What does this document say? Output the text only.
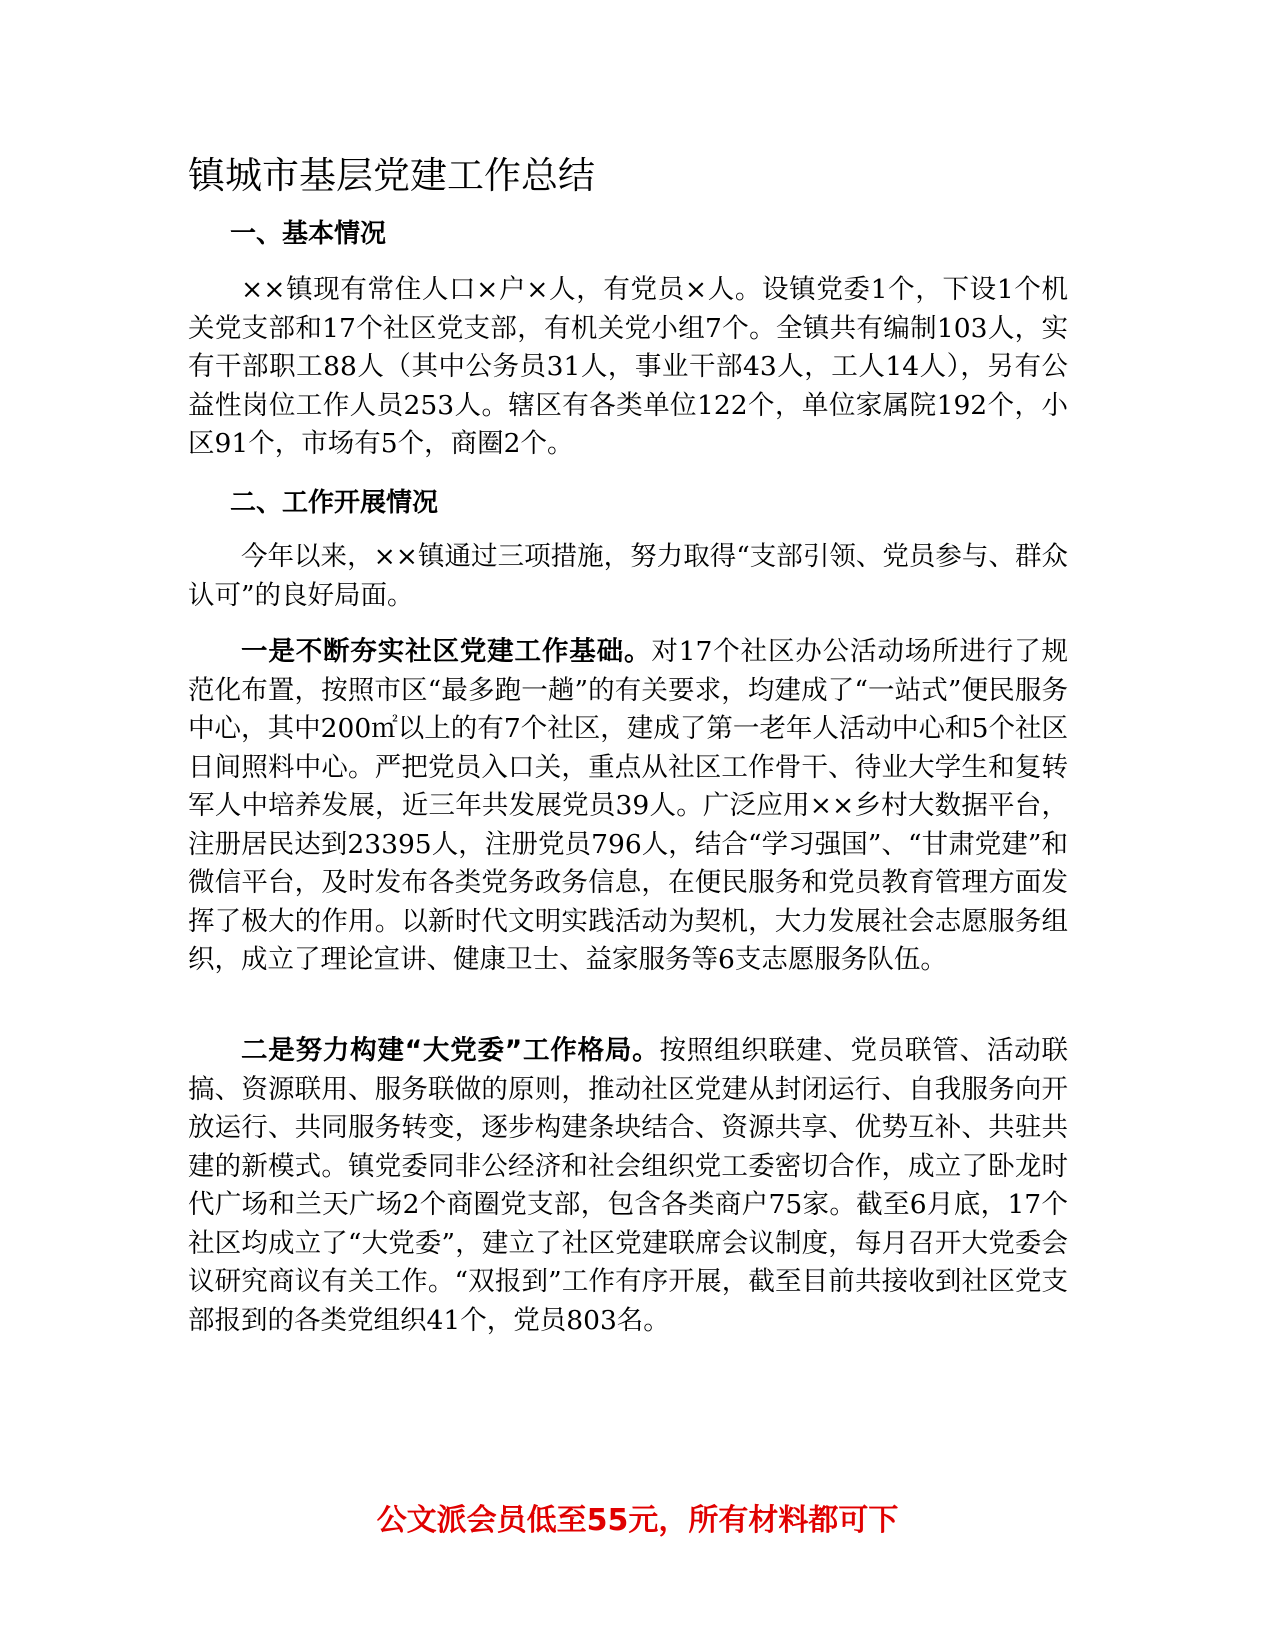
镇城市基层党建工作总结
一、基本情况

××镇现有常住人口×户×人，有党员×人。设镇党委1个，下设1个机关党支部和17个社区党支部，有机关党小组7个。全镇共有编制103人，实有干部职工88人（其中公务员31人，事业干部43人，工人14人），另有公益性岗位工作人员253人。辖区有各类单位122个，单位家属院192个，小区91个，市场有5个，商圈2个。

二、工作开展情况

今年以来，××镇通过三项措施，努力取得“支部引领、党员参与、群众认可”的良好局面。

一是不断夯实社区党建工作基础。对17个社区办公活动场所进行了规范化布置，按照市区“最多跑一趟”的有关要求，均建成了“一站式”便民服务中心，其中200㎡以上的有7个社区，建成了第一老年人活动中心和5个社区日间照料中心。严把党员入口关，重点从社区工作骨干、待业大学生和复转军人中培养发展，近三年共发展党员39人。广泛应用××乡村大数据平台，注册居民达到23395人，注册党员796人，结合“学习强国”、“甘肃党建”和微信平台，及时发布各类党务政务信息，在便民服务和党员教育管理方面发挥了极大的作用。以新时代文明实践活动为契机，大力发展社会志愿服务组织，成立了理论宣讲、健康卫士、益家服务等6支志愿服务队伍。

二是努力构建“大党委”工作格局。按照组织联建、党员联管、活动联搞、资源联用、服务联做的原则，推动社区党建从封闭运行、自我服务向开放运行、共同服务转变，逐步构建条块结合、资源共享、优势互补、共驻共建的新模式。镇党委同非公经济和社会组织党工委密切合作，成立了卧龙时代广场和兰天广场2个商圈党支部，包含各类商户75家。截至6月底，17个社区均成立了“大党委”，建立了社区党建联席会议制度，每月召开大党委会议研究商议有关工作。“双报到”工作有序开展，截至目前共接收到社区党支部报到的各类党组织41个，党员803名。

公文派会员低至55元，所有材料都可下
